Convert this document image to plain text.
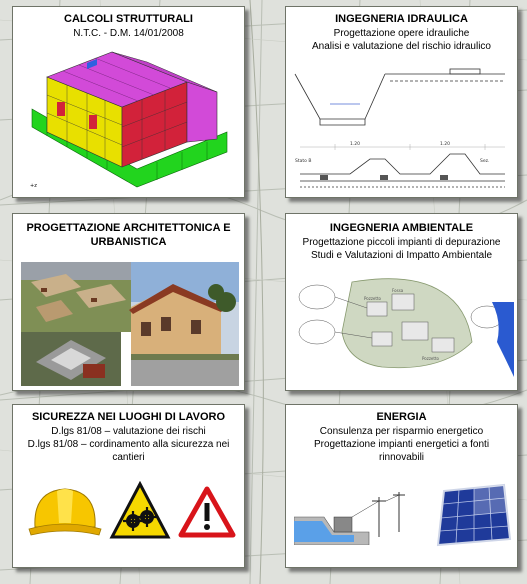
CALCOLI STRUTTURALI
N.T.C. - D.M. 14/01/2008
+z
INGEGNERIA IDRAULICA
Progettazione opere idrauliche
Analisi e valutazione del rischio idraulico
1.20	1.20
Stato B	Sez.
PROGETTAZIONE ARCHITETTONICA E URBANISTICA
INGEGNERIA AMBIENTALE
Progettazione piccoli impianti di depurazione
Studi e Valutazioni di Impatto Ambientale
Pozzetto
Fossa
Pozzetto
SICUREZZA NEI LUOGHI DI LAVORO
D.lgs 81/08 – valutazione dei rischi
D.lgs 81/08 – cordinamento alla sicurezza nei cantieri
ENERGIA
Consulenza per risparmio energetico
Progettazione impianti energetici a fonti rinnovabili
